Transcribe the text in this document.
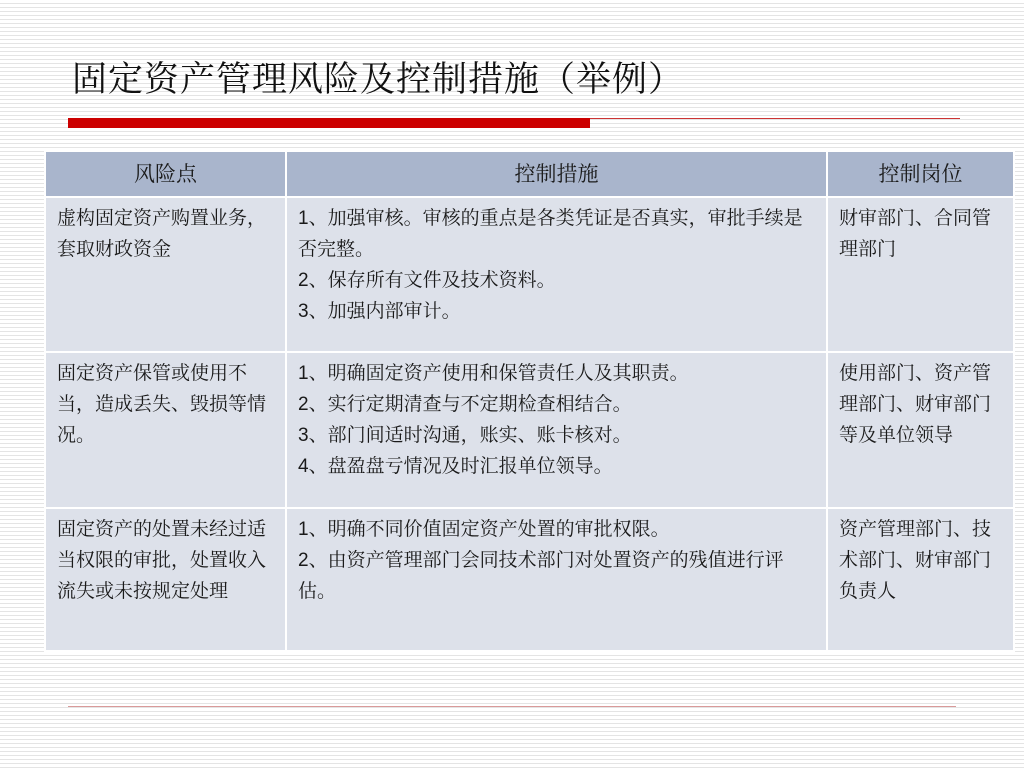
固定资产管理风险及控制措施（举例）
风险点	控制措施	控制岗位
虚构固定资产购置业务，套取财政资金	1、加强审核。审核的重点是各类凭证是否真实，审批手续是否完整。
2、保存所有文件及技术资料。
3、加强内部审计。	财审部门、合同管理部门
固定资产保管或使用不当，造成丢失、毁损等情况。	1、明确固定资产使用和保管责任人及其职责。
2、实行定期清查与不定期检查相结合。
3、部门间适时沟通，账实、账卡核对。
4、盘盈盘亏情况及时汇报单位领导。	使用部门、资产管理部门、财审部门等及单位领导
固定资产的处置未经过适当权限的审批，处置收入流失或未按规定处理	1、明确不同价值固定资产处置的审批权限。
2、由资产管理部门会同技术部门对处置资产的残值进行评估。	资产管理部门、技术部门、财审部门负责人
